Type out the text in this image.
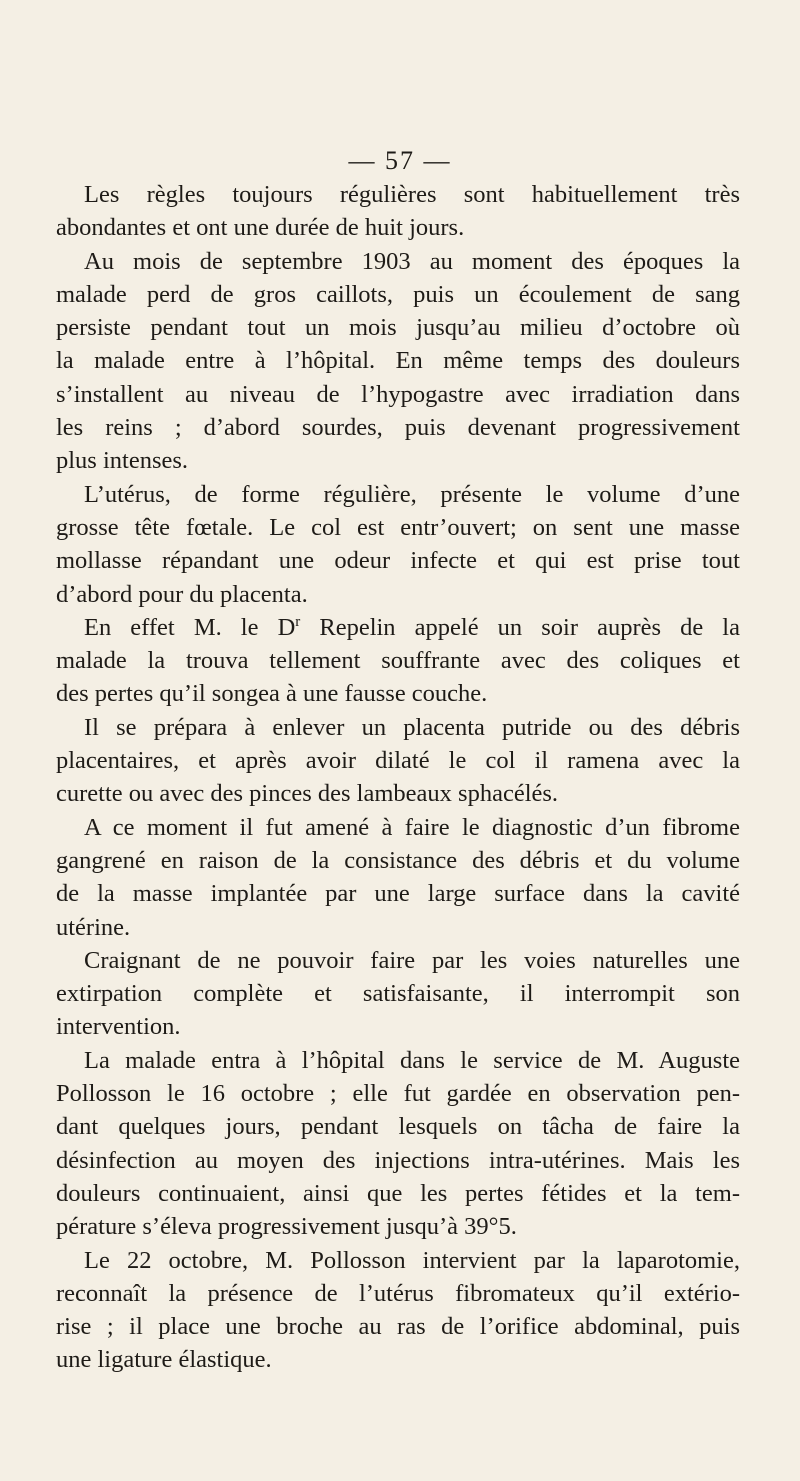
— 57 —

Les règles toujours régulières sont habituellement très
abondantes et ont une durée de huit jours.

Au mois de septembre 1903 au moment des époques la
malade perd de gros caillots, puis un écoulement de sang
persiste pendant tout un mois jusqu’au milieu d’octobre où
la malade entre à l’hôpital. En même temps des douleurs
s’installent au niveau de l’hypogastre avec irradiation dans
les reins ; d’abord sourdes, puis devenant progressivement
plus intenses.

L’utérus, de forme régulière, présente le volume d’une
grosse tête fœtale. Le col est entr’ouvert; on sent une masse
mollasse répandant une odeur infecte et qui est prise tout
d’abord pour du placenta.

En effet M. le $D^r$ Repelin appelé un soir auprès de la
malade la trouva tellement souffrante avec des coliques et
des pertes qu’il songea à une fausse couche.

Il se prépara à enlever un placenta putride ou des débris
placentaires, et après avoir dilaté le col il ramena avec la
curette ou avec des pinces des lambeaux sphacélés.

A ce moment il fut amené à faire le diagnostic d’un fibrome
gangrené en raison de la consistance des débris et du volume
de la masse implantée par une large surface dans la cavité
utérine.

Craignant de ne pouvoir faire par les voies naturelles une
extirpation complète et satisfaisante, il interrompit son
intervention.

La malade entra à l’hôpital dans le service de M. Auguste
Pollosson le 16 octobre ; elle fut gardée en observation pen-
dant quelques jours, pendant lesquels on tâcha de faire la
désinfection au moyen des injections intra-utérines. Mais les
douleurs continuaient, ainsi que les pertes fétides et la tem-
pérature s’éleva progressivement jusqu’à 39°5.

Le 22 octobre, M. Pollosson intervient par la laparotomie,
reconnaît la présence de l’utérus fibromateux qu’il extério-
rise ; il place une broche au ras de l’orifice abdominal, puis
une ligature élastique.
